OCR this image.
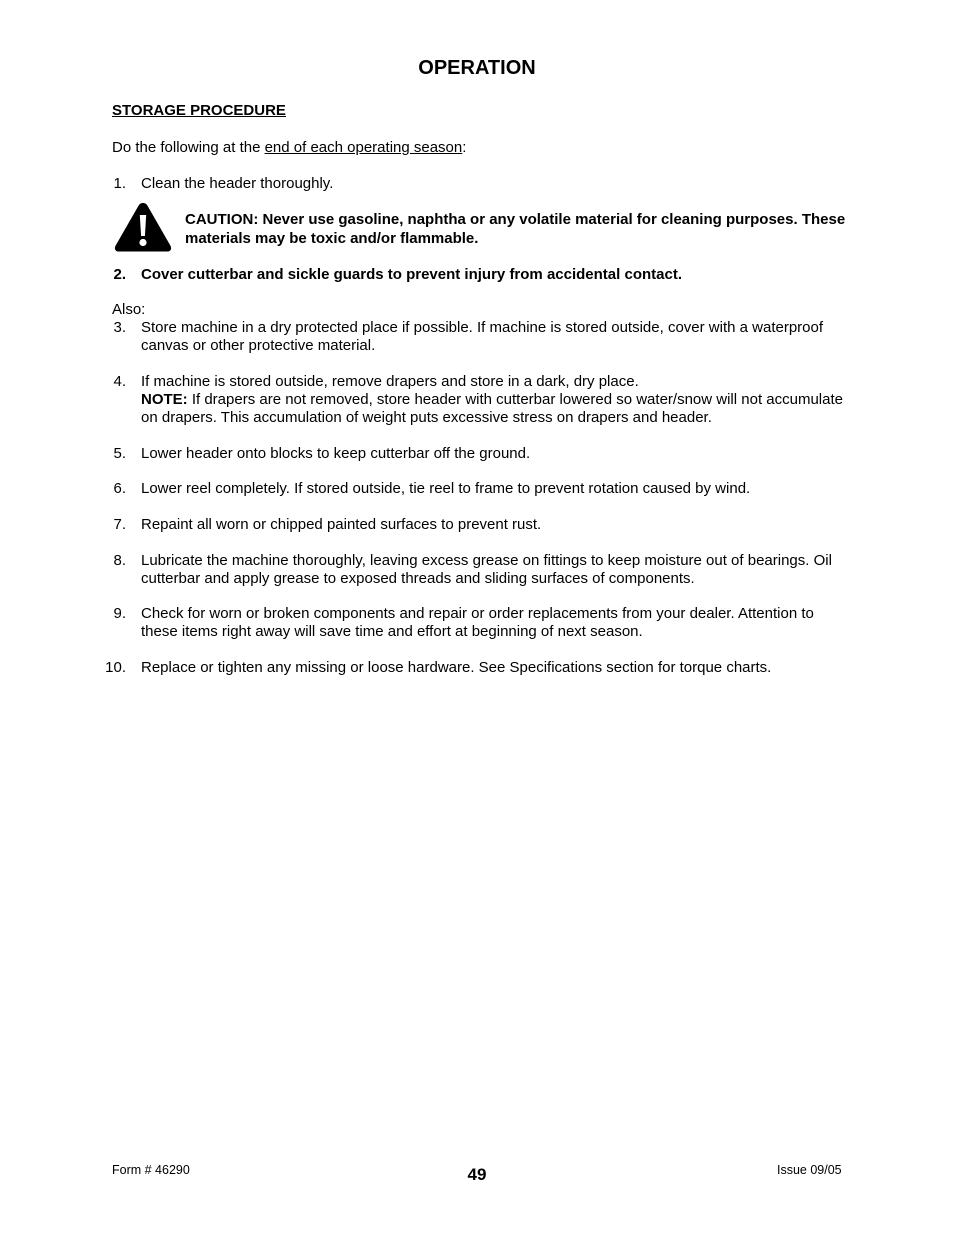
OPERATION
STORAGE PROCEDURE
Do the following at the end of each operating season:
1. Clean the header thoroughly.
CAUTION: Never use gasoline, naphtha or any volatile material for cleaning purposes. These materials may be toxic and/or flammable.
2. Cover cutterbar and sickle guards to prevent injury from accidental contact.
Also:
3. Store machine in a dry protected place if possible. If machine is stored outside, cover with a waterproof canvas or other protective material.
4. If machine is stored outside, remove drapers and store in a dark, dry place.
NOTE: If drapers are not removed, store header with cutterbar lowered so water/snow will not accumulate on drapers. This accumulation of weight puts excessive stress on drapers and header.
5. Lower header onto blocks to keep cutterbar off the ground.
6. Lower reel completely. If stored outside, tie reel to frame to prevent rotation caused by wind.
7. Repaint all worn or chipped painted surfaces to prevent rust.
8. Lubricate the machine thoroughly, leaving excess grease on fittings to keep moisture out of bearings. Oil cutterbar and apply grease to exposed threads and sliding surfaces of components.
9. Check for worn or broken components and repair or order replacements from your dealer. Attention to these items right away will save time and effort at beginning of next season.
10. Replace or tighten any missing or loose hardware. See Specifications section for torque charts.
Form # 46290	49	Issue 09/05
